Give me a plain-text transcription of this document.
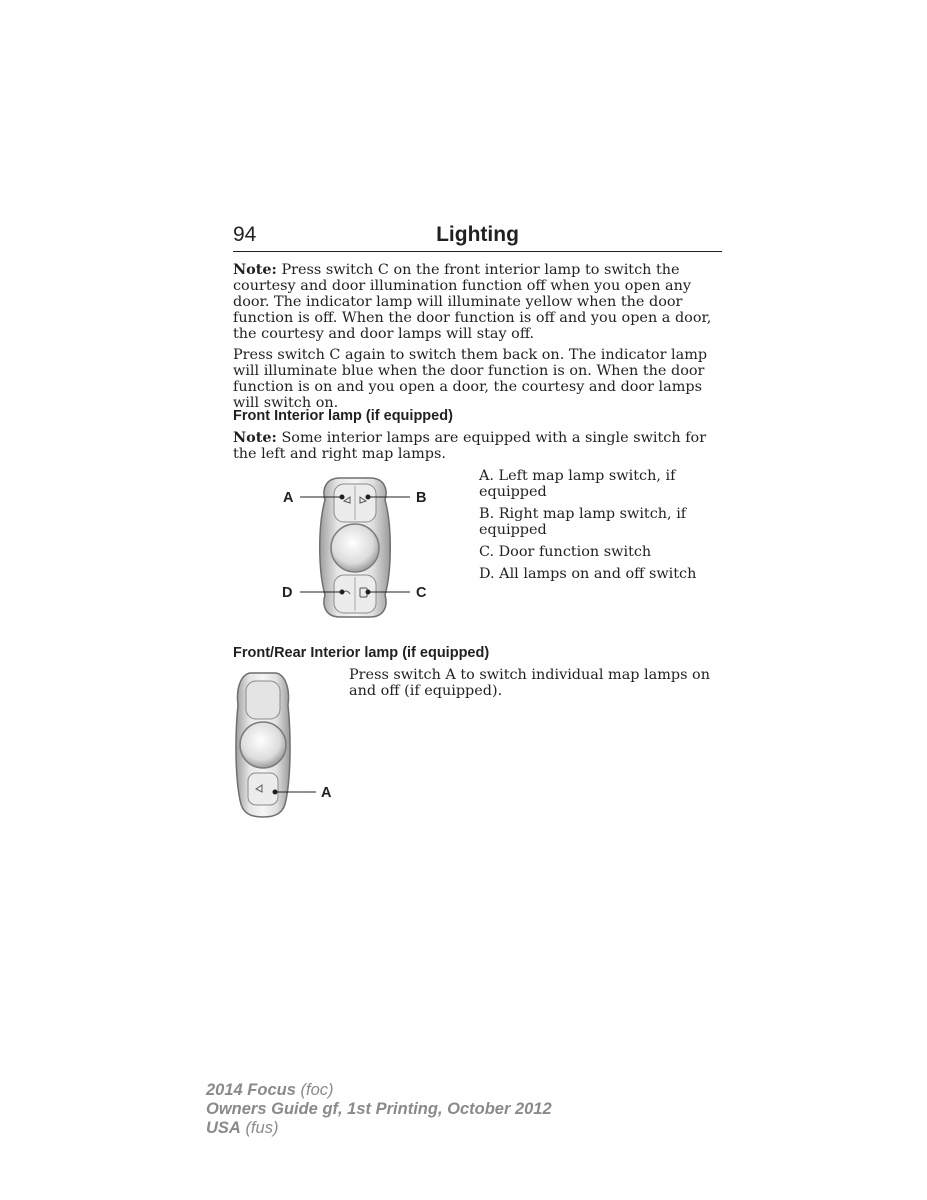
94	Lighting
Note: Press switch C on the front interior lamp to switch the courtesy and door illumination function off when you open any door. The indicator lamp will illuminate yellow when the door function is off. When the door function is off and you open a door, the courtesy and door lamps will stay off.
Press switch C again to switch them back on. The indicator lamp will illuminate blue when the door function is on. When the door function is on and you open a door, the courtesy and door lamps will switch on.
Front Interior lamp (if equipped)
Note: Some interior lamps are equipped with a single switch for the left and right map lamps.
A	B
C
D
A. Left map lamp switch, if equipped
B. Right map lamp switch, if equipped
C. Door function switch
D. All lamps on and off switch
Front/Rear Interior lamp (if equipped)
Press switch A to switch individual map lamps on and off (if equipped).
A
2014 Focus (foc)
Owners Guide gf, 1st Printing, October 2012
USA (fus)
